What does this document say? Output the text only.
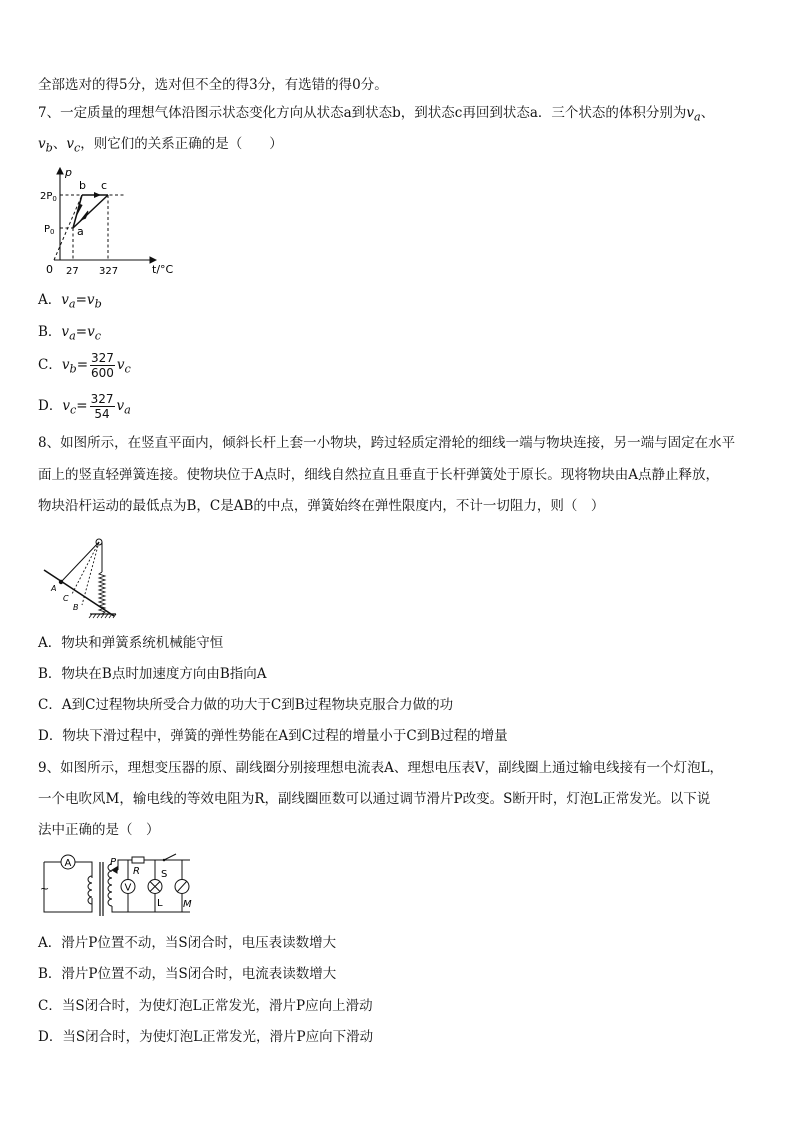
全部选对的得5分，选对但不全的得3分，有选错的得0分。
7、一定质量的理想气体沿图示状态变化方向从状态a到状态b，到状态c再回到状态a．三个状态的体积分别为$v_a$、
$v_b$、$v_c$，则它们的关系正确的是（　　）
p
$2P_0$
$P_0$
0 27 327	t/°C
a
b c
A．$v_a=v_b$
B．$v_a=v_c$
C．$v_b= \frac{327}{600} v_c$
D．$v_c= \frac{327}{54} v_a$
8、如图所示，在竖直平面内，倾斜长杆上套一小物块，跨过轻质定滑轮的细线一端与物块连接，另一端与固定在水平
面上的竖直轻弹簧连接。使物块位于A点时，细线自然拉直且垂直于长杆弹簧处于原长。现将物块由A点静止释放，
物块沿杆运动的最低点为B，C是AB的中点，弹簧始终在弹性限度内，不计一切阻力，则（　）
A
C
B
A．物块和弹簧系统机械能守恒
B．物块在B点时加速度方向由B指向A
C．A到C过程物块所受合力做的功大于C到B过程物块克服合力做的功
D．物块下滑过程中，弹簧的弹性势能在A到C过程的增量小于C到B过程的增量
9、如图所示，理想变压器的原、副线圈分别接理想电流表A、理想电压表V，副线圈上通过输电线接有一个灯泡L，
一个电吹风M，输电线的等效电阻为R，副线圈匝数可以通过调节滑片P改变。S断开时，灯泡L正常发光。以下说
法中正确的是（　）
A
~
P
R
V
L
S
M
A．滑片P位置不动，当S闭合时，电压表读数增大
B．滑片P位置不动，当S闭合时，电流表读数增大
C．当S闭合时，为使灯泡L正常发光，滑片P应向上滑动
D．当S闭合时，为使灯泡L正常发光，滑片P应向下滑动
